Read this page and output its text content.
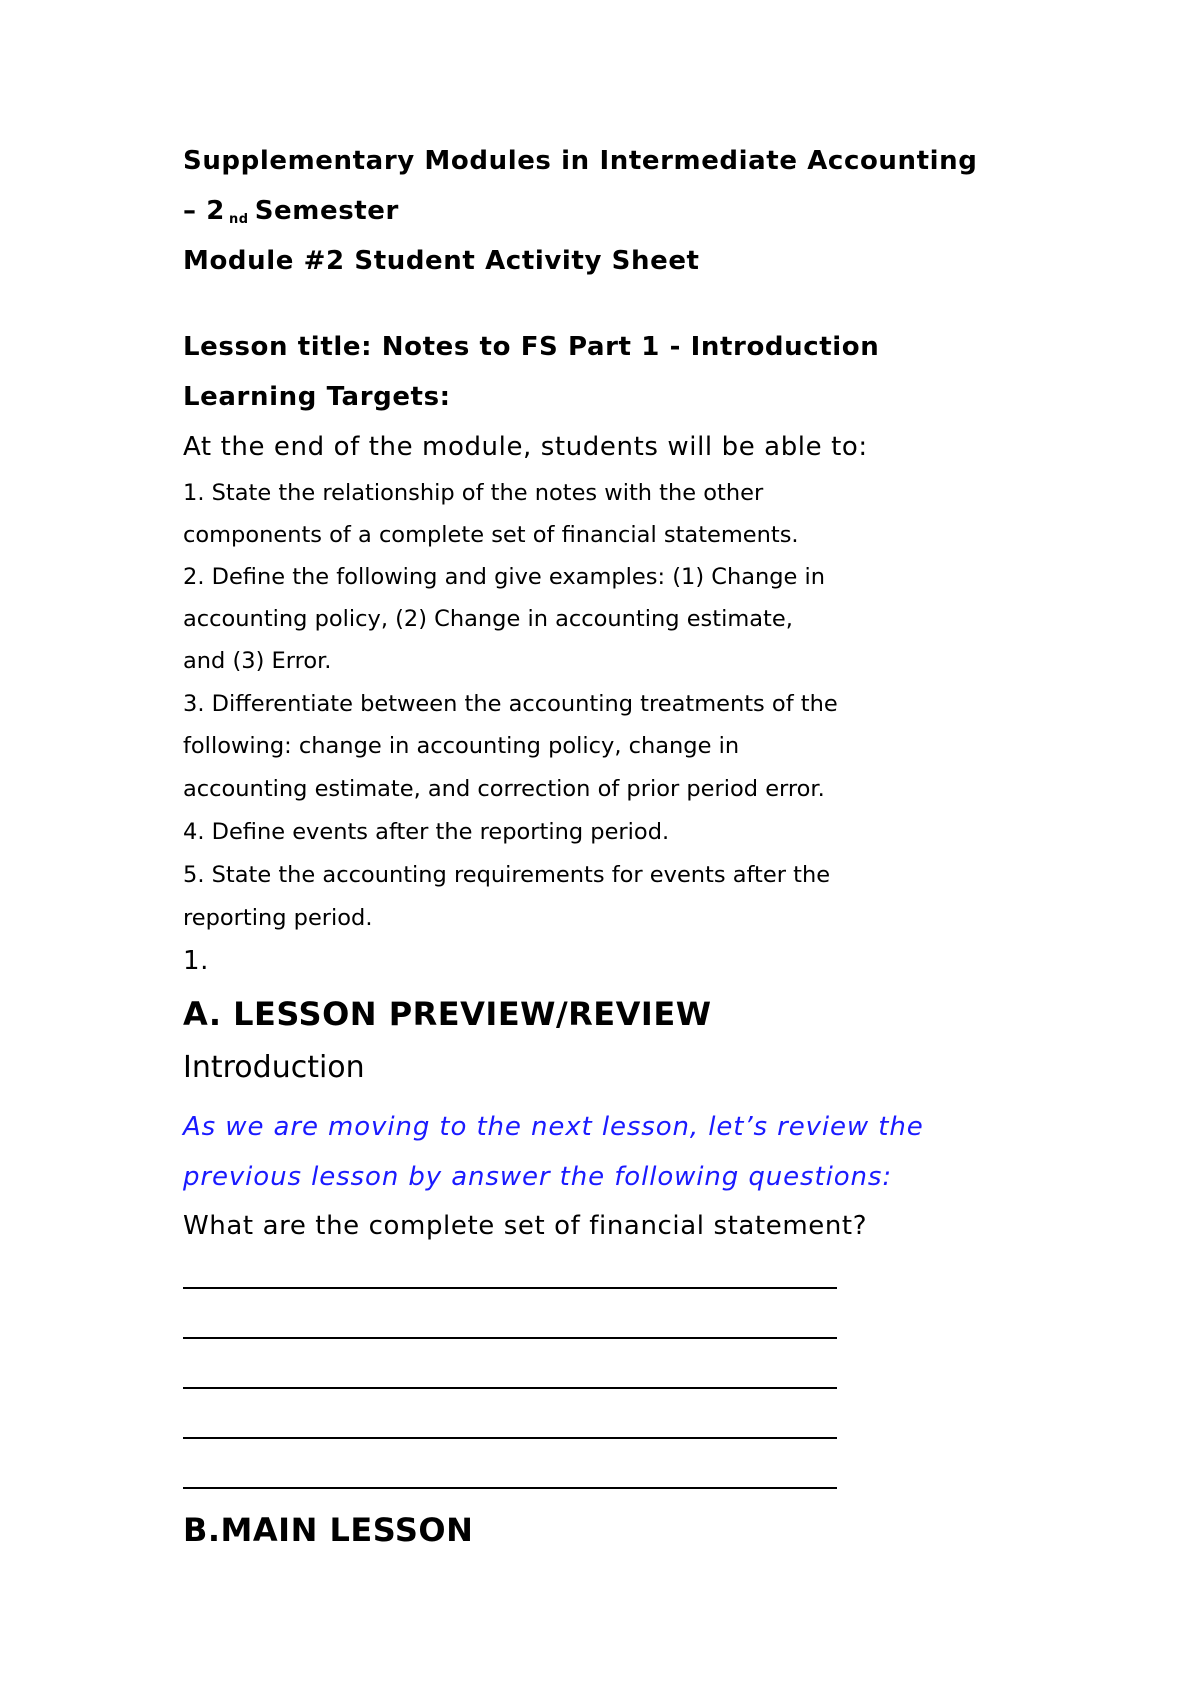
Supplementary Modules in Intermediate Accounting
– 2 nd Semester
Module #2 Student Activity Sheet
Lesson title: Notes to FS Part 1 - Introduction
Learning Targets:
At the end of the module, students will be able to:
1. State the relationship of the notes with the other
components of a complete set of financial statements.
2. Define the following and give examples: (1) Change in
accounting policy, (2) Change in accounting estimate,
and (3) Error.
3. Differentiate between the accounting treatments of the
following: change in accounting policy, change in
accounting estimate, and correction of prior period error.
4. Define events after the reporting period.
5. State the accounting requirements for events after the
reporting period.
1.
A. LESSON PREVIEW/REVIEW
Introduction
As we are moving to the next lesson, let’s review the
previous lesson by answer the following questions:
What are the complete set of financial statement?
B.MAIN LESSON
